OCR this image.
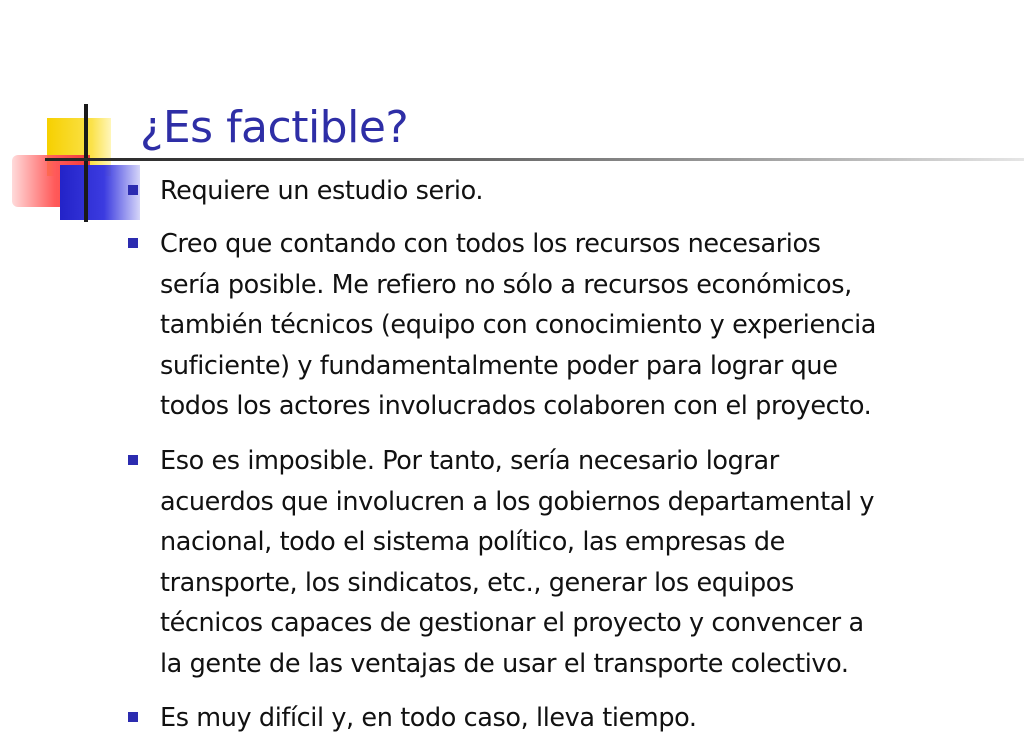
¿Es factible?

Requiere un estudio serio.

Creo que contando con todos los recursos necesarios
sería posible. Me refiero no sólo a recursos económicos,
también técnicos (equipo con conocimiento y experiencia
suficiente) y fundamentalmente poder para lograr que
todos los actores involucrados colaboren con el proyecto.

Eso es imposible. Por tanto, sería necesario lograr
acuerdos que involucren a los gobiernos departamental y
nacional, todo el sistema político, las empresas de
transporte, los sindicatos, etc., generar los equipos
técnicos capaces de gestionar el proyecto y convencer a
la gente de las ventajas de usar el transporte colectivo.

Es muy difícil y, en todo caso, lleva tiempo.
